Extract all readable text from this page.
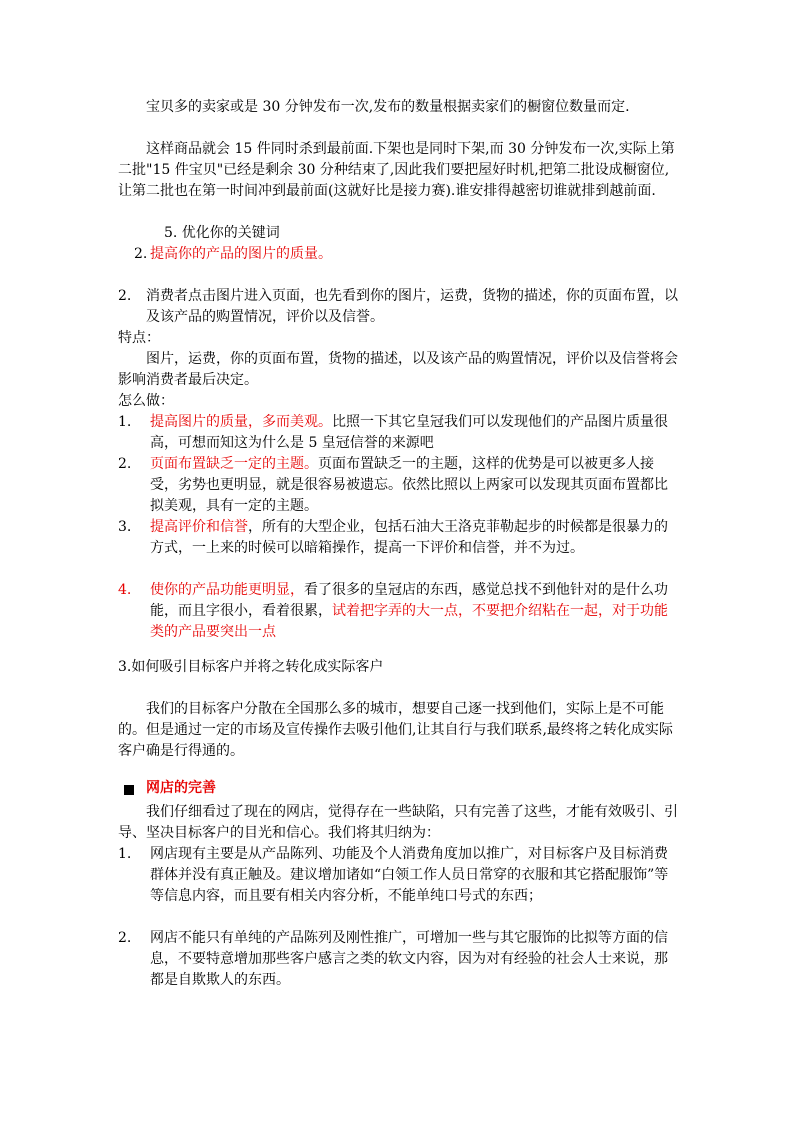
宝贝多的卖家或是 30 分钟发布一次,发布的数量根据卖家们的橱窗位数量而定.

这样商品就会 15 件同时杀到最前面.下架也是同时下架,而 30 分钟发布一次,实际上第二批"15 件宝贝"已经是剩余 30 分种结束了,因此我们要把屋好时机,把第二批设成橱窗位,让第二批也在第一时间冲到最前面(这就好比是接力赛).谁安排得越密切谁就排到越前面.

5. 优化你的关键词

2. 提高你的产品的图片的质量。
2.	消费者点击图片进入页面，也先看到你的图片，运费，货物的描述，你的页面布置，以及该产品的购置情况，评价以及信誉。

特点：

图片，运费，你的页面布置，货物的描述，以及该产品的购置情况，评价以及信誉将会影响消费者最后决定。

怎么做：

1.	提高图片的质量，多而美观。比照一下其它皇冠我们可以发现他们的产品图片质量很高，可想而知这为什么是 5 皇冠信誉的来源吧
2.	页面布置缺乏一定的主题。页面布置缺乏一的主题，这样的优势是可以被更多人接受，劣势也更明显，就是很容易被遗忘。依然比照以上两家可以发现其页面布置都比拟美观，具有一定的主题。
3.	提高评价和信誉，所有的大型企业，包括石油大王洛克菲勒起步的时候都是很暴力的方式，一上来的时候可以暗箱操作，提高一下评价和信誉，并不为过。
4.	使你的产品功能更明显，看了很多的皇冠店的东西，感觉总找不到他针对的是什么功能，而且字很小，看着很累，试着把字弄的大一点，不要把介绍粘在一起，对于功能类的产品要突出一点

3.如何吸引目标客户并将之转化成实际客户

我们的目标客户分散在全国那么多的城市，想要自己逐一找到他们，实际上是不可能的。但是通过一定的市场及宣传操作去吸引他们,让其自行与我们联系,最终将之转化成实际客户确是行得通的。

网店的完善

我们仔细看过了现在的网店，觉得存在一些缺陷，只有完善了这些，才能有效吸引、引导、坚决目标客户的目光和信心。我们将其归纳为：

1.	网店现有主要是从产品陈列、功能及个人消费角度加以推广，对目标客户及目标消费群体并没有真正触及。建议增加诸如“白领工作人员日常穿的衣服和其它搭配服饰”等等信息内容，而且要有相关内容分析，不能单纯口号式的东西；
2.	网店不能只有单纯的产品陈列及刚性推广，可增加一些与其它服饰的比拟等方面的信息，不要特意增加那些客户感言之类的软文内容，因为对有经验的社会人士来说，那都是自欺欺人的东西。
